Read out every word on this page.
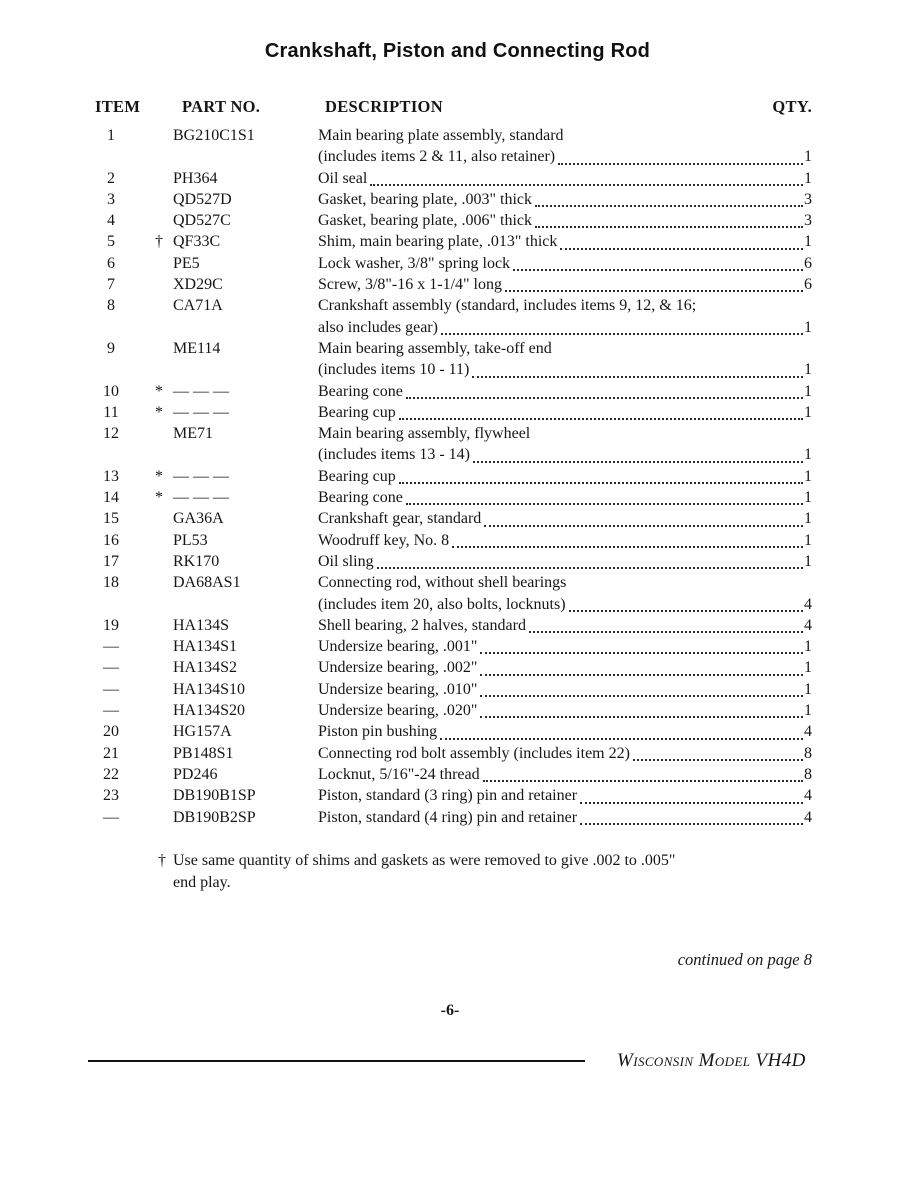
Crankshaft, Piston and Connecting Rod
ITEM	PART NO.	DESCRIPTION	QTY.
1	BG210C1S1	Main bearing plate assembly, standard
(includes items 2 & 11, also retainer)	1
2	PH364	Oil seal	1
3	QD527D	Gasket, bearing plate, .003" thick	3
4	QD527C	Gasket, bearing plate, .006" thick	3
5	† QF33C	Shim, main bearing plate, .013" thick	1
6	PE5	Lock washer, 3/8" spring lock	6
7	XD29C	Screw, 3/8"-16 x 1-1/4" long	6
8	CA71A	Crankshaft assembly (standard, includes items 9, 12, & 16;
also includes gear)	1
9	ME114	Main bearing assembly, take-off end
(includes items 10 - 11)	1
10	* — — —	Bearing cone	1
11	* — — —	Bearing cup	1
12	ME71	Main bearing assembly, flywheel
(includes items 13 - 14)	1
13	* — — —	Bearing cup	1
14	* — — —	Bearing cone	1
15	GA36A	Crankshaft gear, standard	1
16	PL53	Woodruff key, No. 8	1
17	RK170	Oil sling	1
18	DA68AS1	Connecting rod, without shell bearings
(includes item 20, also bolts, locknuts)	4
19	HA134S	Shell bearing, 2 halves, standard	4
—	HA134S1	Undersize bearing, .001"	1
—	HA134S2	Undersize bearing, .002"	1
—	HA134S10	Undersize bearing, .010"	1
—	HA134S20	Undersize bearing, .020"	1
20	HG157A	Piston pin bushing	4
21	PB148S1	Connecting rod bolt assembly (includes item 22)	8
22	PD246	Locknut, 5/16"-24 thread	8
23	DB190B1SP	Piston, standard (3 ring) pin and retainer	4
—	DB190B2SP	Piston, standard (4 ring) pin and retainer	4
† Use same quantity of shims and gaskets as were removed to give .002 to .005"
end play.
continued on page 8
-6-
Wisconsin Model VH4D
